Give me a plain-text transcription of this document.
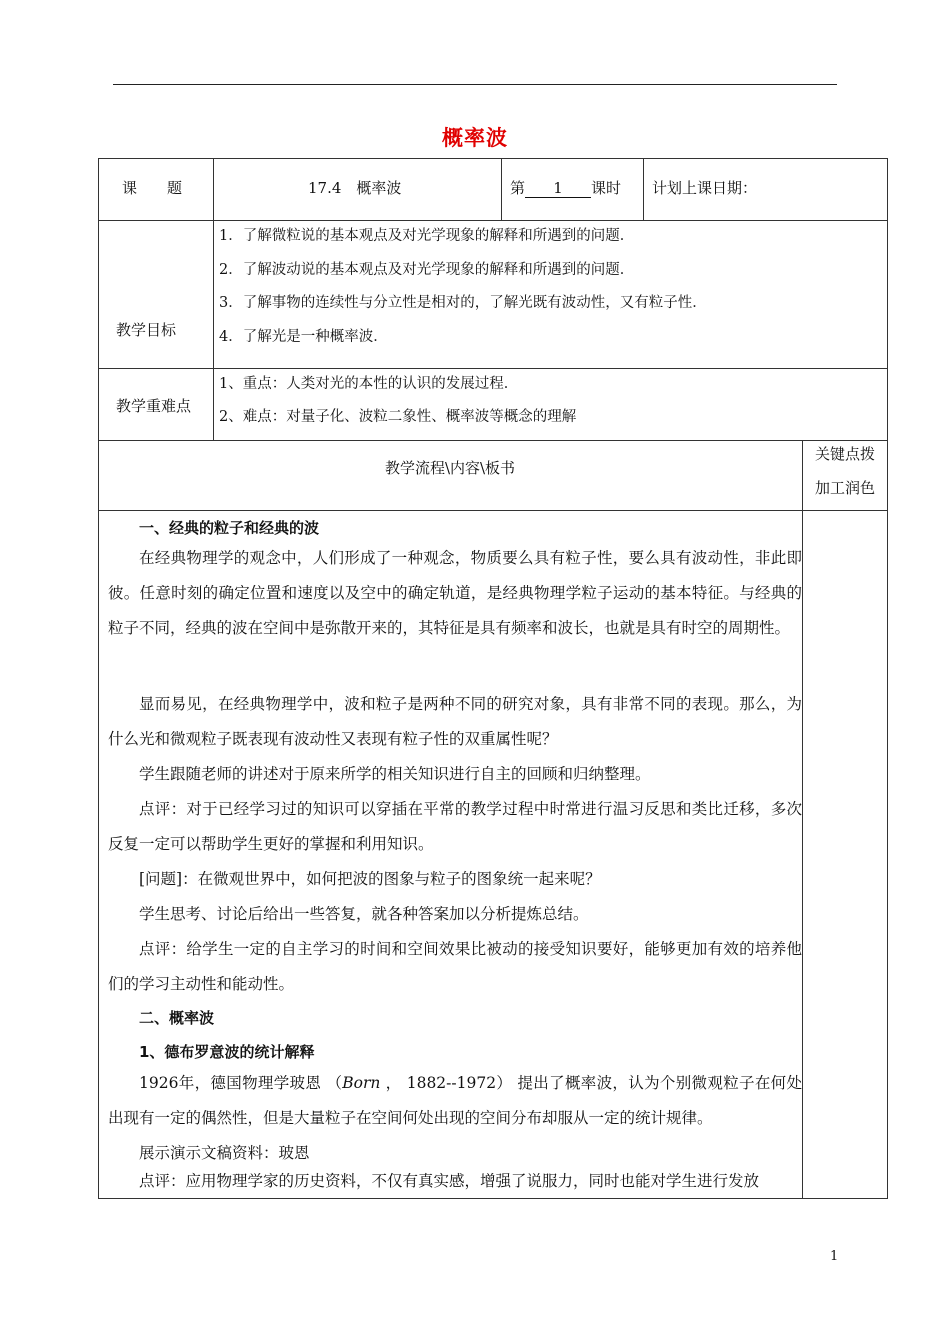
概率波
课　　题	17.4　概率波	第 1 课时 计划上课日期：
教学目标
1．了解微粒说的基本观点及对光学现象的解释和所遇到的问题．
2．了解波动说的基本观点及对光学现象的解释和所遇到的问题．
3．了解事物的连续性与分立性是相对的，了解光既有波动性，又有粒子性．
4．了解光是一种概率波．
教学重难点
1、重点：人类对光的本性的认识的发展过程．
2、难点：对量子化、波粒二象性、概率波等概念的理解
教学流程\内容\板书
关键点拨
加工润色
一、经典的粒子和经典的波
在经典物理学的观念中，人们形成了一种观念，物质要么具有粒子性，要么具有波动性，非此即彼。任意时刻的确定位置和速度以及空中的确定轨道，是经典物理学粒子运动的基本特征。与经典的粒子不同，经典的波在空间中是弥散开来的，其特征是具有频率和波长，也就是具有时空的周期性。
显而易见，在经典物理学中，波和粒子是两种不同的研究对象，具有非常不同的表现。那么，为什么光和微观粒子既表现有波动性又表现有粒子性的双重属性呢？
学生跟随老师的讲述对于原来所学的相关知识进行自主的回顾和归纳整理。
点评：对于已经学习过的知识可以穿插在平常的教学过程中时常进行温习反思和类比迁移，多次反复一定可以帮助学生更好的掌握和利用知识。
[问题]：在微观世界中，如何把波的图象与粒子的图象统一起来呢？
学生思考、讨论后给出一些答复，就各种答案加以分析提炼总结。
点评：给学生一定的自主学习的时间和空间效果比被动的接受知识要好，能够更加有效的培养他们的学习主动性和能动性。
二、概率波
1、德布罗意波的统计解释
1926年，德国物理学玻恩 （Born ， 1882--1972） 提出了概率波，认为个别微观粒子在何处出现有一定的偶然性，但是大量粒子在空间何处出现的空间分布却服从一定的统计规律。
展示演示文稿资料：玻恩
点评：应用物理学家的历史资料，不仅有真实感，增强了说服力，同时也能对学生进行发放
1
